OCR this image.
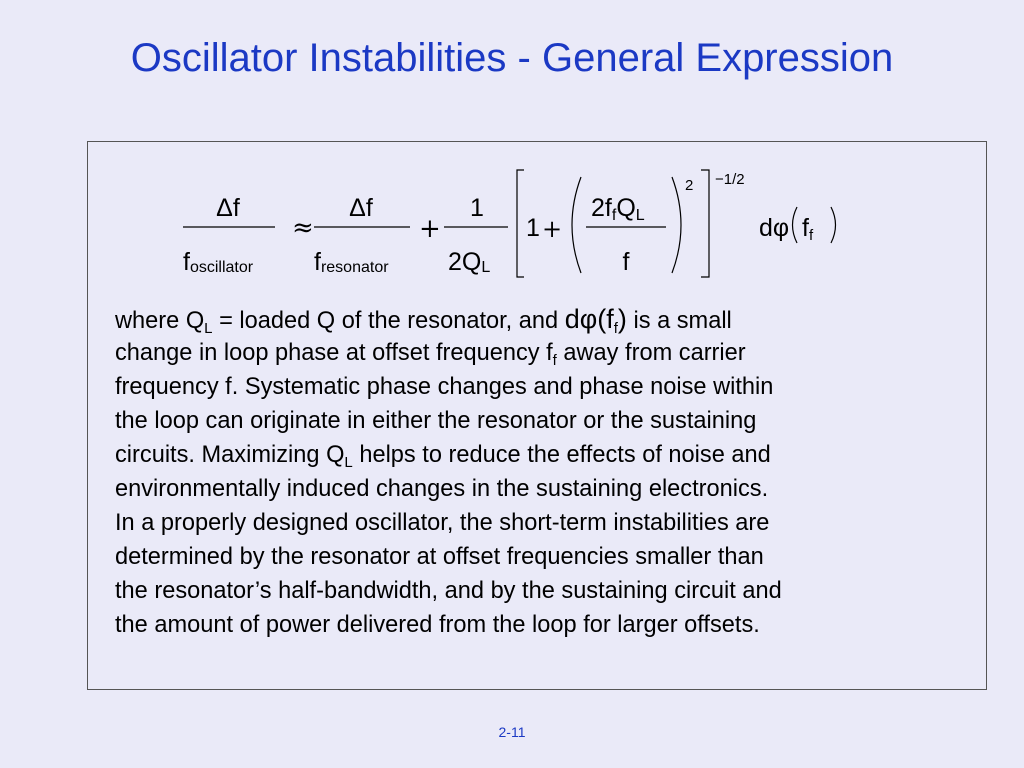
Oscillator Instabilities - General Expression
Δf
foscillator
≈
Δf
fresonator
+
1
2QL
1 +
2ffQL
f
2 −1/2
dφ ff
where $Q_L$ = loaded Q of the resonator, and $d\varphi(f_f)$ is a small
change in loop phase at offset frequency $f_f$ away from carrier
frequency f. Systematic phase changes and phase noise within
the loop can originate in either the resonator or the sustaining
circuits. Maximizing $Q_L$ helps to reduce the effects of noise and
environmentally induced changes in the sustaining electronics.
In a properly designed oscillator, the short-term instabilities are
determined by the resonator at offset frequencies smaller than
the resonator’s half-bandwidth, and by the sustaining circuit and
the amount of power delivered from the loop for larger offsets.
2-11
